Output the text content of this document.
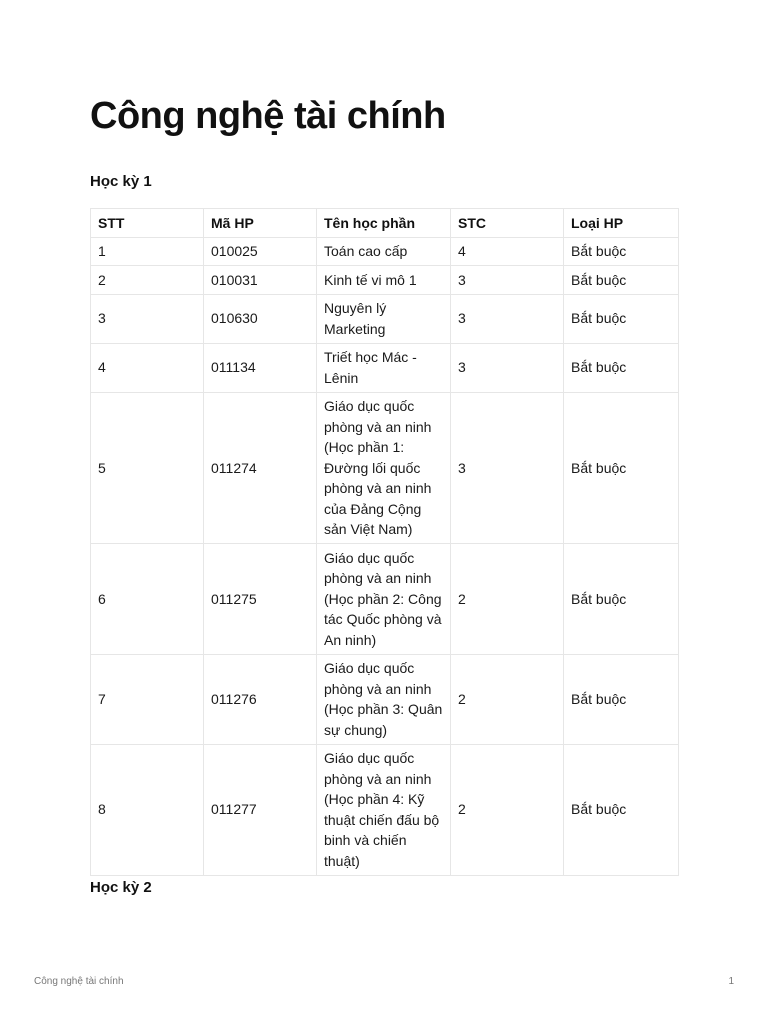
Công nghệ tài chính
Học kỳ 1
STT	Mã HP	Tên học phần	STC	Loại HP
1	010025	Toán cao cấp	4	Bắt buộc
2	010031	Kinh tế vi mô 1	3	Bắt buộc
3	010630	Nguyên lý Marketing	3	Bắt buộc
4	011134	Triết học Mác - Lênin	3	Bắt buộc
5	011274	Giáo dục quốc phòng và an ninh (Học phần 1: Đường lối quốc phòng và an ninh của Đảng Cộng sản Việt Nam)	3	Bắt buộc
6	011275	Giáo dục quốc phòng và an ninh (Học phần 2: Công tác Quốc phòng và An ninh)	2	Bắt buộc
7	011276	Giáo dục quốc phòng và an ninh (Học phần 3: Quân sự chung)	2	Bắt buộc
8	011277	Giáo dục quốc phòng và an ninh (Học phần 4: Kỹ thuật chiến đấu bộ binh và chiến thuật)	2	Bắt buộc
Học kỳ 2
Công nghệ tài chính	1
